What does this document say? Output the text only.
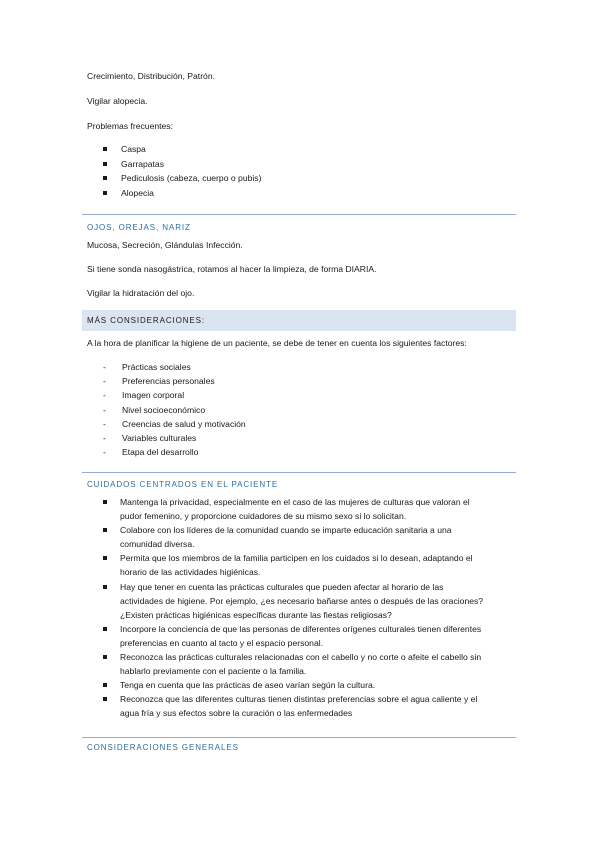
Crecimiento, Distribución, Patrón.

Vigilar alopecia.

Problemas frecuentes:

Caspa
Garrapatas
Pediculosis (cabeza, cuerpo o pubis)
Alopecia
OJOS, OREJAS, NARIZ

Mucosa, Secreción, Glándulas Infección.

Si tiene sonda nasogástrica, rotamos al hacer la limpieza, de forma DIARIA.

Vigilar la hidratación del ojo.

MÁS CONSIDERACIONES:

A la hora de planificar la higiene de un paciente, se debe de tener en cuenta los siguientes factores:

- Prácticas sociales
- Preferencias personales
- Imagen corporal
- Nivel socioeconómico
- Creencias de salud y motivación
- Variables culturales
- Etapa del desarrollo
CUIDADOS CENTRADOS EN EL PACIENTE
Mantenga la privacidad, especialmente en el caso de las mujeres de culturas que valoran el
pudor femenino, y proporcione cuidadores de su mismo sexo si lo solicitan.
Colabore con los líderes de la comunidad cuando se imparte educación sanitaria a una
comunidad diversa.
Permita que los miembros de la familia participen en los cuidados si lo desean, adaptando el
horario de las actividades higiénicas.
Hay que tener en cuenta las prácticas culturales que pueden afectar al horario de las
actividades de higiene. Por ejemplo, ¿es necesario bañarse antes o después de las oraciones?
¿Existen prácticas higiénicas específicas durante las fiestas religiosas?
Incorpore la conciencia de que las personas de diferentes orígenes culturales tienen diferentes
preferencias en cuanto al tacto y el espacio personal.
Reconozca las prácticas culturales relacionadas con el cabello y no corte o afeite el cabello sin
hablarlo previamente con el paciente o la familia.
Tenga en cuenta que las prácticas de aseo varían según la cultura.
Reconozca que las diferentes culturas tienen distintas preferencias sobre el agua caliente y el
agua fría y sus efectos sobre la curación o las enfermedades
CONSIDERACIONES GENERALES
